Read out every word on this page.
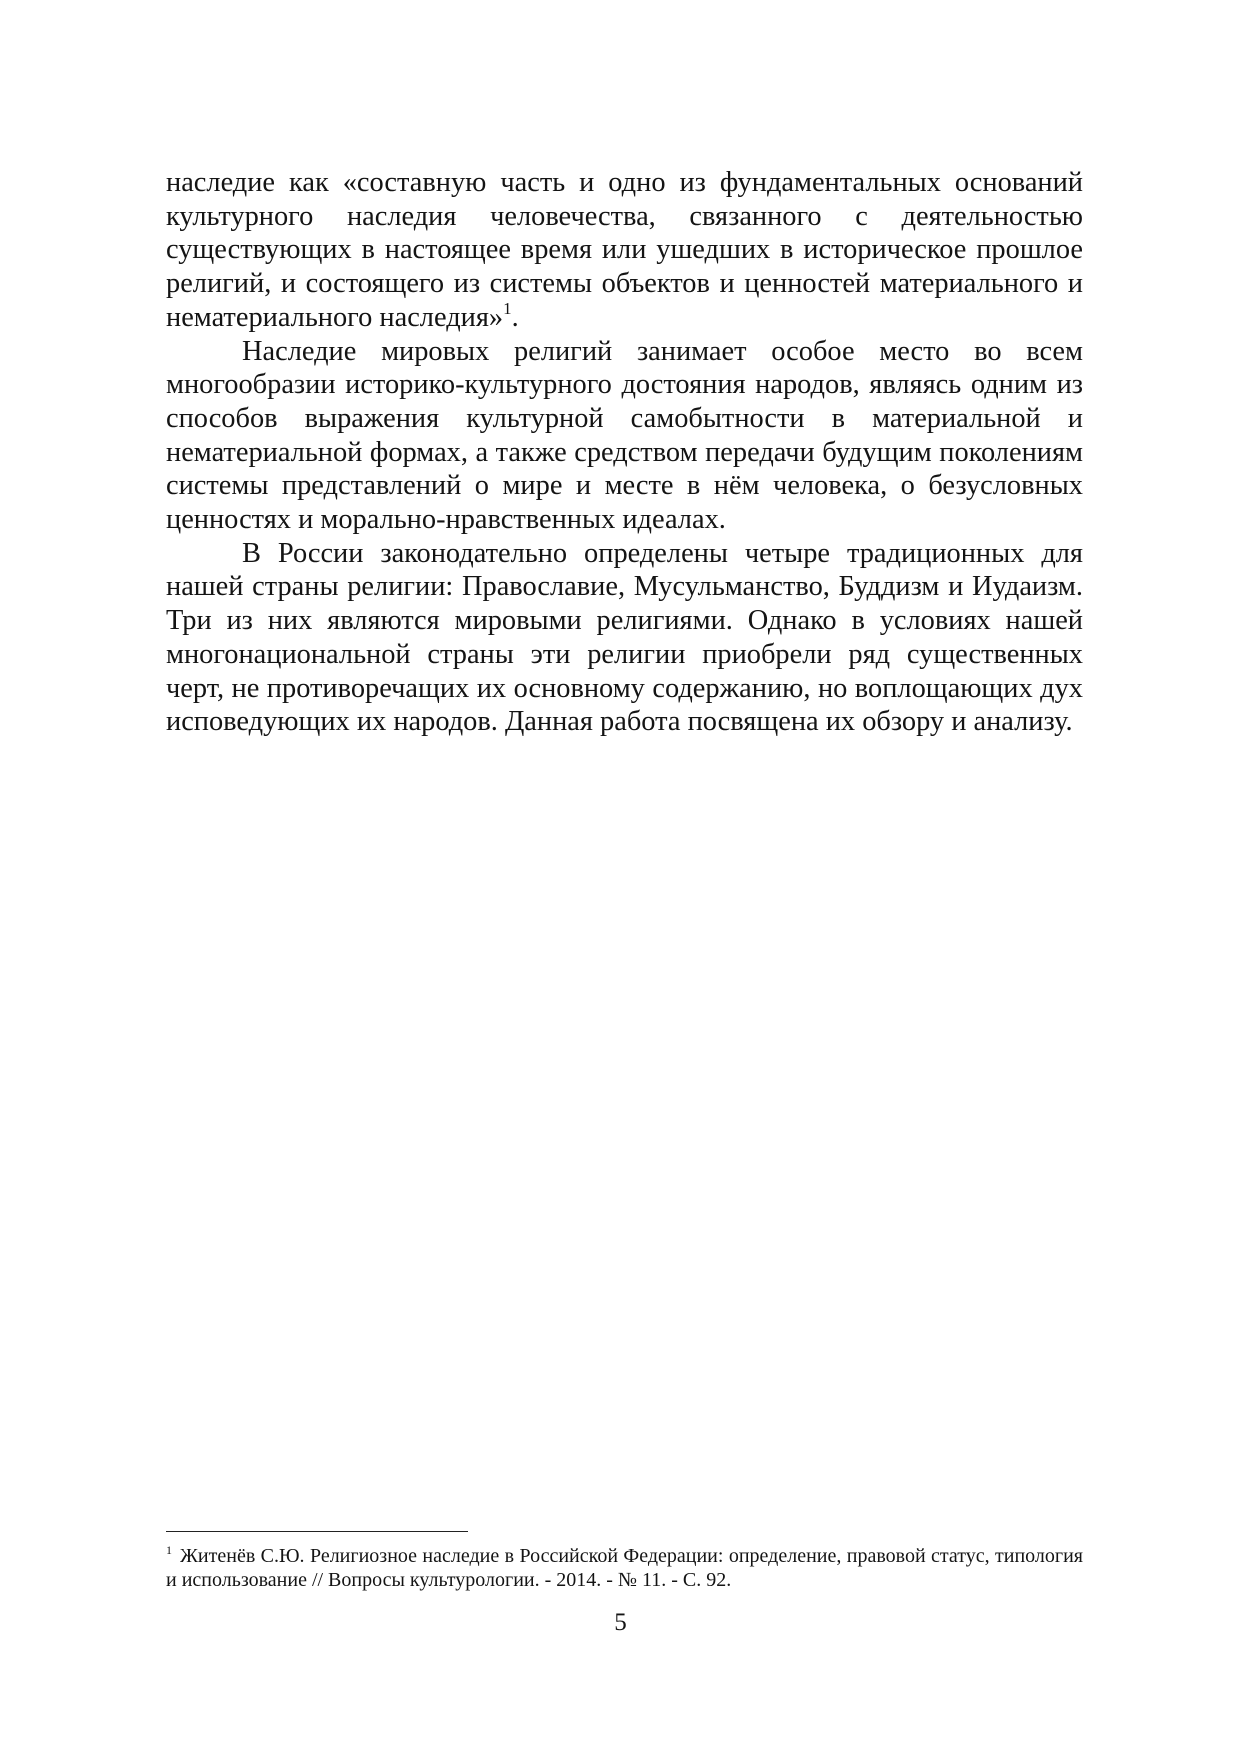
наследие как «составную часть и одно из фундаментальных оснований культурного наследия человечества, связанного с деятельностью существующих в настоящее время или ушедших в историческое прошлое религий, и состоящего из системы объектов и ценностей материального и нематериального наследия»$^1$.

Наследие мировых религий занимает особое место во всем многообразии историко-культурного достояния народов, являясь одним из способов выражения культурной самобытности в материальной и нематериальной формах, а также средством передачи будущим поколениям системы представлений о мире и месте в нём человека, о безусловных ценностях и морально-нравственных идеалах.

В России законодательно определены четыре традиционных для нашей страны религии: Православие, Мусульманство, Буддизм и Иудаизм. Три из них являются мировыми религиями. Однако в условиях нашей многонациональной страны эти религии приобрели ряд существенных черт, не противоречащих их основному содержанию, но воплощающих дух исповедующих их народов. Данная работа посвящена их обзору и анализу.

$^1$ Житенёв С.Ю. Религиозное наследие в Российской Федерации: определение, правовой статус, типология и использование // Вопросы культурологии. - 2014. - № 11. - С. 92.

5
